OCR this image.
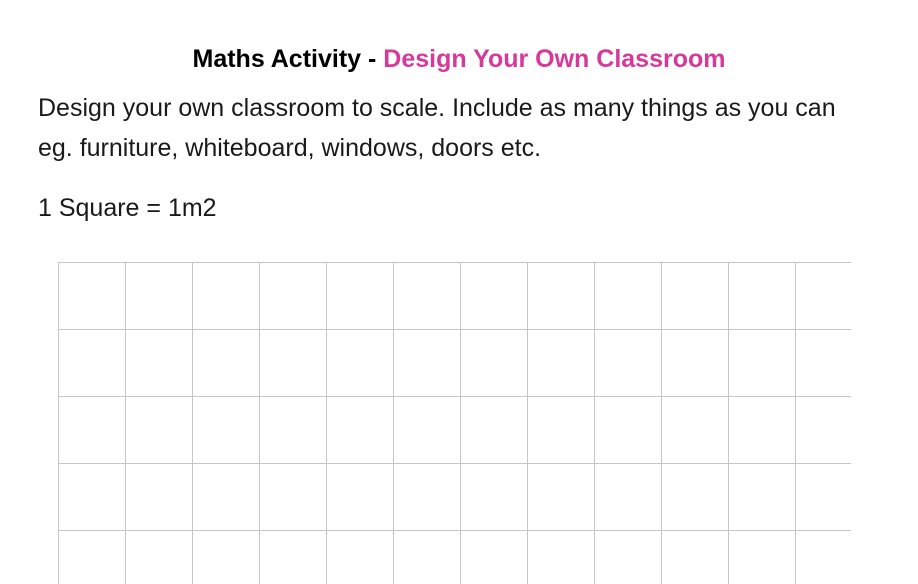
Maths Activity - Design Your Own Classroom

Design your own classroom to scale. Include as many things as you can eg. furniture, whiteboard, windows, doors etc.

1 Square = 1m2
